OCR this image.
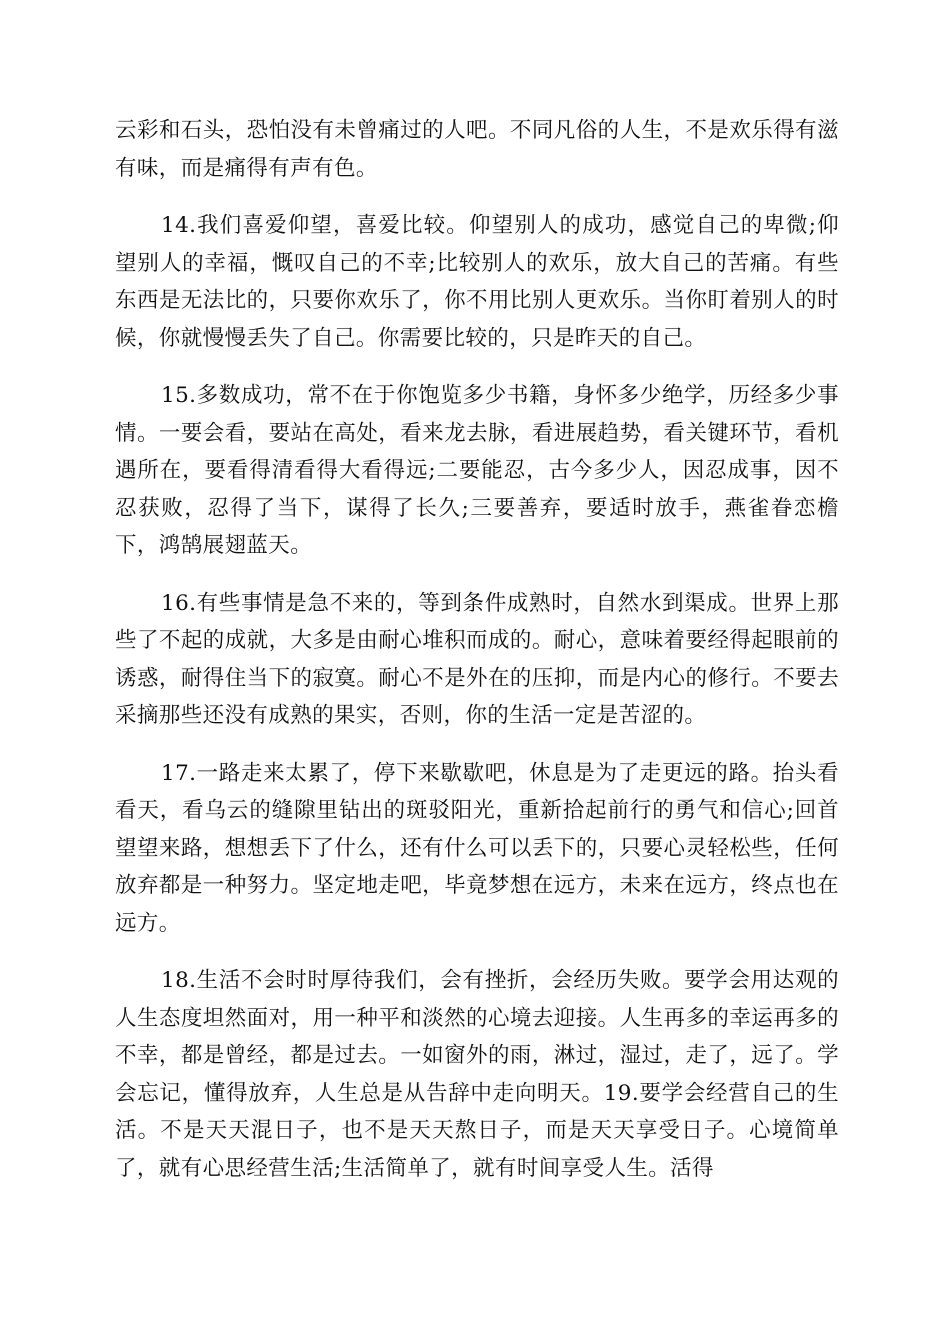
云彩和石头，恐怕没有未曾痛过的人吧。不同凡俗的人生，不是欢乐得有滋有味，而是痛得有声有色。

14.我们喜爱仰望，喜爱比较。仰望别人的成功，感觉自己的卑微;仰望别人的幸福，慨叹自己的不幸;比较别人的欢乐，放大自己的苦痛。有些东西是无法比的，只要你欢乐了，你不用比别人更欢乐。当你盯着别人的时候，你就慢慢丢失了自己。你需要比较的，只是昨天的自己。

15.多数成功，常不在于你饱览多少书籍，身怀多少绝学，历经多少事情。一要会看，要站在高处，看来龙去脉，看进展趋势，看关键环节，看机遇所在，要看得清看得大看得远;二要能忍，古今多少人，因忍成事，因不忍获败，忍得了当下，谋得了长久;三要善弃，要适时放手，燕雀眷恋檐下，鸿鹄展翅蓝天。

16.有些事情是急不来的，等到条件成熟时，自然水到渠成。世界上那些了不起的成就，大多是由耐心堆积而成的。耐心，意味着要经得起眼前的诱惑，耐得住当下的寂寞。耐心不是外在的压抑，而是内心的修行。不要去采摘那些还没有成熟的果实，否则，你的生活一定是苦涩的。

17.一路走来太累了，停下来歇歇吧，休息是为了走更远的路。抬头看看天，看乌云的缝隙里钻出的斑驳阳光，重新拾起前行的勇气和信心;回首望望来路，想想丢下了什么，还有什么可以丢下的，只要心灵轻松些，任何放弃都是一种努力。坚定地走吧，毕竟梦想在远方，未来在远方，终点也在远方。

18.生活不会时时厚待我们，会有挫折，会经历失败。要学会用达观的人生态度坦然面对，用一种平和淡然的心境去迎接。人生再多的幸运再多的不幸，都是曾经，都是过去。一如窗外的雨，淋过，湿过，走了，远了。学会忘记，懂得放弃，人生总是从告辞中走向明天。19.要学会经营自己的生活。不是天天混日子，也不是天天熬日子，而是天天享受日子。心境简单了，就有心思经营生活;生活简单了，就有时间享受人生。活得
